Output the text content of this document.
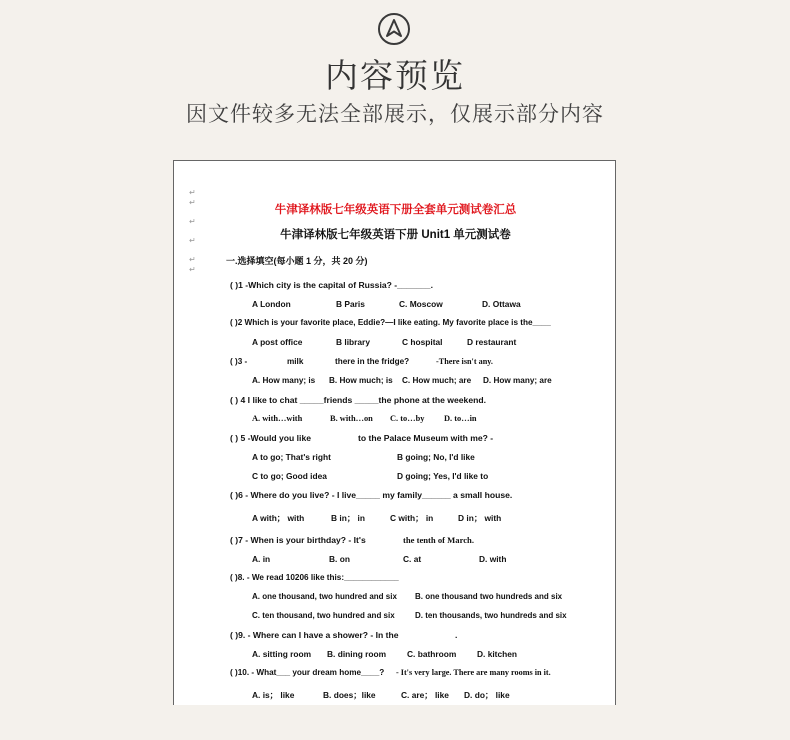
内容预览
因文件较多无法全部展示，仅展示部分内容
↵
↵
↵
↵
↵
↵
牛津译林版七年级英语下册全套单元测试卷汇总
牛津译林版七年级英语下册 Unit1 单元测试卷
一.选择填空(每小题 1 分，共 20 分)
( )1 -Which city is the capital of Russia? -_______.
A London	B Paris	C. Moscow	D. Ottawa
( )2 Which is your favorite place, Eddie?—I like eating. My favorite place is the____
A post office	B library	C hospital	D restaurant
( )3 -	milk	there in the fridge?	-There isn't any.
A. How many; is B. How much; is C. How much; are D. How many; are
( ) 4 I like to chat _____friends _____the phone at the weekend.
A. with…with	B. with…on C. to…by D. to…in
( ) 5 -Would you like	to the Palace Museum with me? -
A to go; That's right	B going; No, I'd like
C to go; Good idea	D going; Yes, I'd like to
( )6 - Where do you live? - I live_____ my family______ a small house.
A with； with	B in； in	C with； in	D in； with
( )7 - When is your birthday? - It's	the tenth of March.
A. in	B. on	C. at	D. with
( )8. - We read 10206 like this:____________
A. one thousand, two hundred and six B. one thousand two hundreds and six
C. ten thousand, two hundred and six	D. ten thousands, two hundreds and six
( )9. - Where can I have a shower? - In the	.
A. sitting room B. dining room C. bathroom D. kitchen
( )10. - What___ your dream home____? - It's very large. There are many rooms in it.
A. is； like	B. does；like	C. are； like D. do； like
